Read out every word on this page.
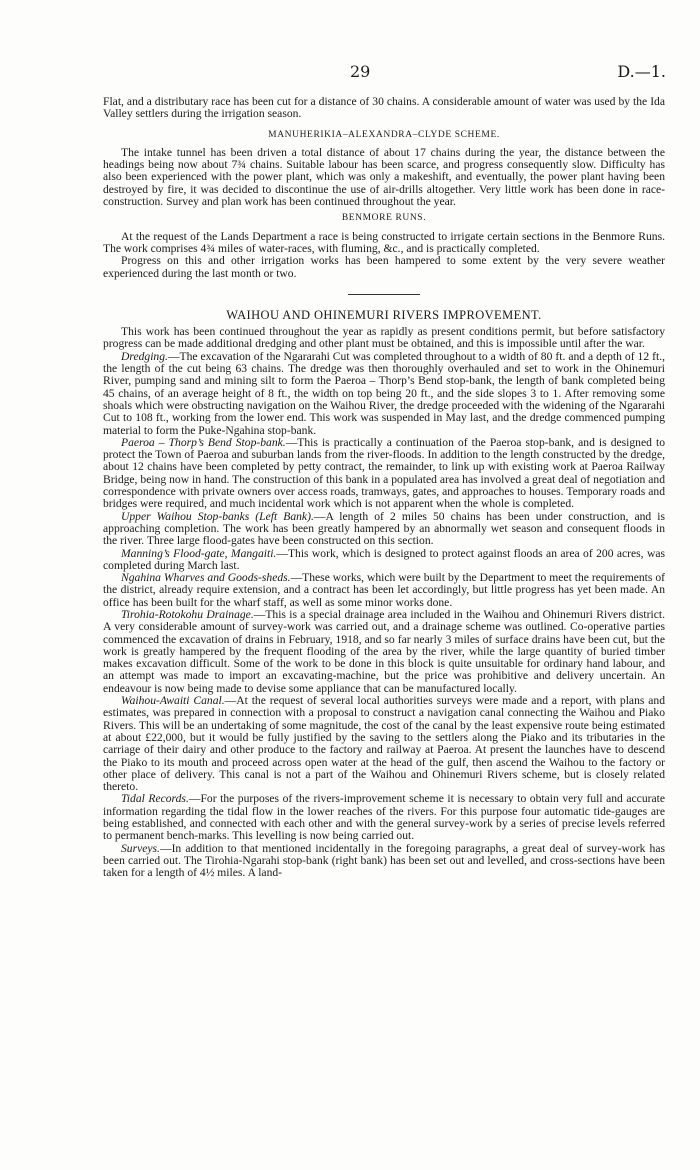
29	D.—1.

Flat, and a distributary race has been cut for a distance of 30 chains. A considerable amount of water was used by the Ida Valley settlers during the irrigation season.

MANUHERIKIA–ALEXANDRA–CLYDE SCHEME.

The intake tunnel has been driven a total distance of about 17 chains during the year, the distance between the headings being now about 7¾ chains. Suitable labour has been scarce, and progress consequently slow. Difficulty has also been experienced with the power plant, which was only a makeshift, and eventually, the power plant having been destroyed by fire, it was decided to discontinue the use of air-drills altogether. Very little work has been done in race-construction. Survey and plan work has been continued throughout the year.

BENMORE RUNS.

At the request of the Lands Department a race is being constructed to irrigate certain sections in the Benmore Runs. The work comprises 4¾ miles of water-races, with fluming, &c., and is practically completed.

Progress on this and other irrigation works has been hampered to some extent by the very severe weather experienced during the last month or two.

WAIHOU AND OHINEMURI RIVERS IMPROVEMENT.

This work has been continued throughout the year as rapidly as present conditions permit, but before satisfactory progress can be made additional dredging and other plant must be obtained, and this is impossible until after the war.

Dredging.—The excavation of the Ngararahi Cut was completed throughout to a width of 80 ft. and a depth of 12 ft., the length of the cut being 63 chains. The dredge was then thoroughly overhauled and set to work in the Ohinemuri River, pumping sand and mining silt to form the Paeroa – Thorp’s Bend stop-bank, the length of bank completed being 45 chains, of an average height of 8 ft., the width on top being 20 ft., and the side slopes 3 to 1. After removing some shoals which were obstructing navigation on the Waihou River, the dredge proceeded with the widening of the Ngararahi Cut to 108 ft., working from the lower end. This work was suspended in May last, and the dredge commenced pumping material to form the Puke-Ngahina stop-bank.

Paeroa – Thorp’s Bend Stop-bank.—This is practically a continuation of the Paeroa stop-bank, and is designed to protect the Town of Paeroa and suburban lands from the river-floods. In addition to the length constructed by the dredge, about 12 chains have been completed by petty contract, the remainder, to link up with existing work at Paeroa Railway Bridge, being now in hand. The construction of this bank in a populated area has involved a great deal of negotiation and correspondence with private owners over access roads, tramways, gates, and approaches to houses. Temporary roads and bridges were required, and much incidental work which is not apparent when the whole is completed.

Upper Waihou Stop-banks (Left Bank).—A length of 2 miles 50 chains has been under construction, and is approaching completion. The work has been greatly hampered by an abnormally wet season and consequent floods in the river. Three large flood-gates have been constructed on this section.

Manning’s Flood-gate, Mangaiti.—This work, which is designed to protect against floods an area of 200 acres, was completed during March last.

Ngahina Wharves and Goods-sheds.—These works, which were built by the Department to meet the requirements of the district, already require extension, and a contract has been let accordingly, but little progress has yet been made. An office has been built for the wharf staff, as well as some minor works done.

Tirohia-Rotokohu Drainage.—This is a special drainage area included in the Waihou and Ohinemuri Rivers district. A very considerable amount of survey-work was carried out, and a drainage scheme was outlined. Co-operative parties commenced the excavation of drains in February, 1918, and so far nearly 3 miles of surface drains have been cut, but the work is greatly hampered by the frequent flooding of the area by the river, while the large quantity of buried timber makes excavation difficult. Some of the work to be done in this block is quite unsuitable for ordinary hand labour, and an attempt was made to import an excavating-machine, but the price was prohibitive and delivery uncertain. An endeavour is now being made to devise some appliance that can be manufactured locally.

Waihou-Awaiti Canal.—At the request of several local authorities surveys were made and a report, with plans and estimates, was prepared in connection with a proposal to construct a navigation canal connecting the Waihou and Piako Rivers. This will be an undertaking of some magnitude, the cost of the canal by the least expensive route being estimated at about £22,000, but it would be fully justified by the saving to the settlers along the Piako and its tributaries in the carriage of their dairy and other produce to the factory and railway at Paeroa. At present the launches have to descend the Piako to its mouth and proceed across open water at the head of the gulf, then ascend the Waihou to the factory or other place of delivery. This canal is not a part of the Waihou and Ohinemuri Rivers scheme, but is closely related thereto.

Tidal Records.—For the purposes of the rivers-improvement scheme it is necessary to obtain very full and accurate information regarding the tidal flow in the lower reaches of the rivers. For this purpose four automatic tide-gauges are being established, and connected with each other and with the general survey-work by a series of precise levels referred to permanent bench-marks. This levelling is now being carried out.

Surveys.—In addition to that mentioned incidentally in the foregoing paragraphs, a great deal of survey-work has been carried out. The Tirohia-Ngarahi stop-bank (right bank) has been set out and levelled, and cross-sections have been taken for a length of 4½ miles. A land-
